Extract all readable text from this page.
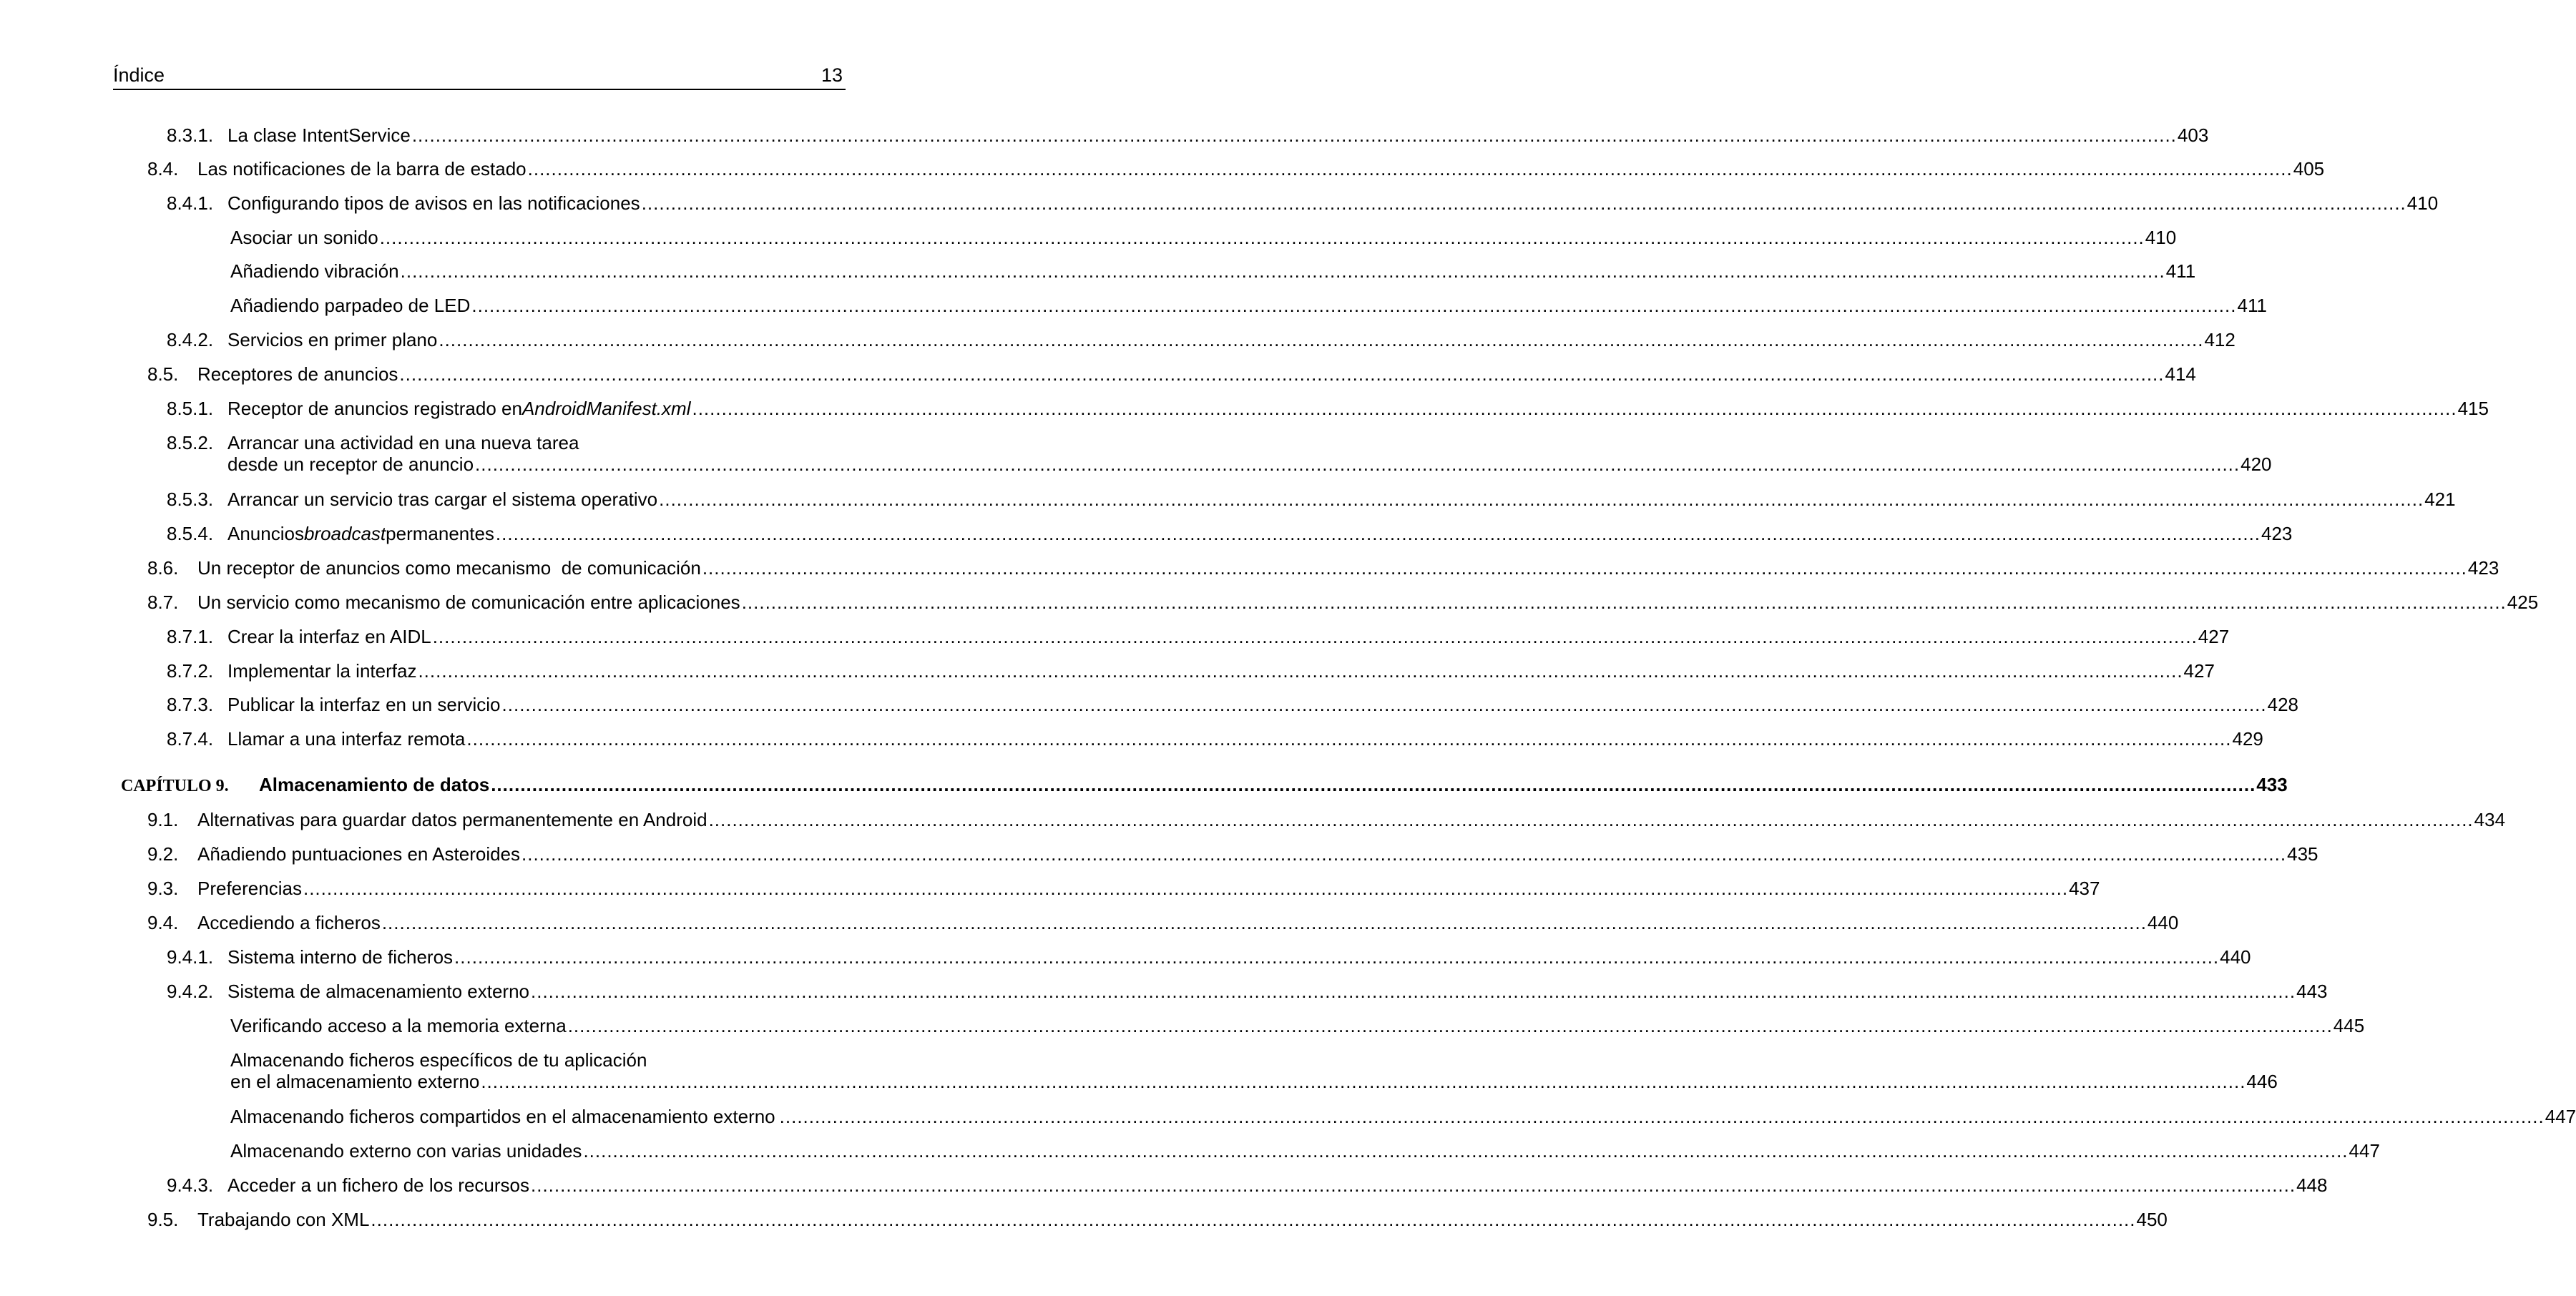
Índice	13
8.3.1. La clase IntentService ............................................................................................................................................................................................................................................................................................................ 403
8.4.	Las notificaciones de la barra de estado ............................................................................................................................................................................................................................................................................................................ 405
8.4.1. Configurando tipos de avisos en las notificaciones ............................................................................................................................................................................................................................................................................................................ 410
Asociar un sonido ............................................................................................................................................................................................................................................................................................................ 410
Añadiendo vibración ............................................................................................................................................................................................................................................................................................................ 411
Añadiendo parpadeo de LED ............................................................................................................................................................................................................................................................................................................ 411
8.4.2. Servicios en primer plano ............................................................................................................................................................................................................................................................................................................ 412
8.5.	Receptores de anuncios ............................................................................................................................................................................................................................................................................................................ 414
8.5.1. Receptor de anuncios registrado en AndroidManifest.xml ............................................................................................................................................................................................................................................................................................................ 415
8.5.2. Arrancar una actividad en una nueva tarea
desde un receptor de anuncio ............................................................................................................................................................................................................................................................................................................ 420
8.5.3. Arrancar un servicio tras cargar el sistema operativo ............................................................................................................................................................................................................................................................................................................ 421
8.5.4. Anuncios broadcast permanentes ............................................................................................................................................................................................................................................................................................................ 423
8.6.	Un receptor de anuncios como mecanismo  de comunicación ............................................................................................................................................................................................................................................................................................................ 423
8.7.	Un servicio como mecanismo de comunicación entre aplicaciones ............................................................................................................................................................................................................................................................................................................ 425
8.7.1. Crear la interfaz en AIDL ............................................................................................................................................................................................................................................................................................................ 427
8.7.2. Implementar la interfaz ............................................................................................................................................................................................................................................................................................................ 427
8.7.3. Publicar la interfaz en un servicio ............................................................................................................................................................................................................................................................................................................ 428
8.7.4. Llamar a una interfaz remota ............................................................................................................................................................................................................................................................................................................ 429
CAPÍTULO 9.	Almacenamiento de datos ............................................................................................................................................................................................................................................................................................................ 433
9.1.	Alternativas para guardar datos permanentemente en Android ............................................................................................................................................................................................................................................................................................................ 434
9.2.	Añadiendo puntuaciones en Asteroides ............................................................................................................................................................................................................................................................................................................ 435
9.3.	Preferencias ............................................................................................................................................................................................................................................................................................................ 437
9.4.	Accediendo a ficheros ............................................................................................................................................................................................................................................................................................................ 440
9.4.1. Sistema interno de ficheros ............................................................................................................................................................................................................................................................................................................ 440
9.4.2. Sistema de almacenamiento externo ............................................................................................................................................................................................................................................................................................................ 443
Verificando acceso a la memoria externa ............................................................................................................................................................................................................................................................................................................ 445
Almacenando ficheros específicos de tu aplicación
en el almacenamiento externo ............................................................................................................................................................................................................................................................................................................ 446
Almacenando ficheros compartidos en el almacenamiento externo ............................................................................................................................................................................................................................................................................................................ 447
Almacenando externo con varias unidades ............................................................................................................................................................................................................................................................................................................ 447
9.4.3. Acceder a un fichero de los recursos ............................................................................................................................................................................................................................................................................................................ 448
9.5.	Trabajando con XML ............................................................................................................................................................................................................................................................................................................ 450
